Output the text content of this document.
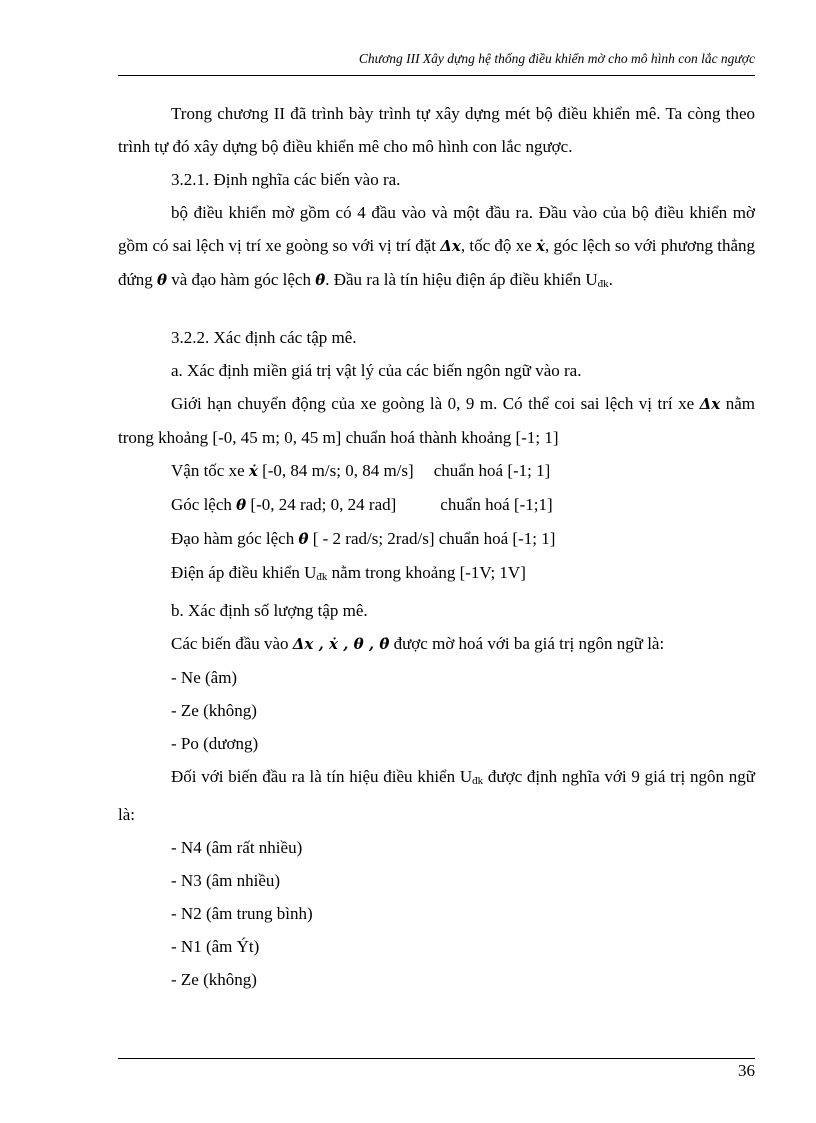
Chương III Xây dựng hệ thống điều khiển mờ cho mô hình con lắc ngược

Trong chương II đã trình bày trình tự xây dựng mét bộ điều khiển mê. Ta còng theo trình tự đó xây dựng bộ điều khiển mê cho mô hình con lắc ngược.

3.2.1. Định nghĩa các biến vào ra.

bộ điều khiển mờ gồm có 4 đầu vào và một đầu ra. Đầu vào của bộ điều khiển mờ gồm có sai lệch vị trí xe goòng so với vị trí đặt Δx, tốc độ xe ẋ, góc lệch so với phương thẳng đứng θ và đạo hàm góc lệch θ̇. Đầu ra là tín hiệu điện áp điều khiển Uđk.

3.2.2. Xác định các tập mê.

a. Xác định miền giá trị vật lý của các biến ngôn ngữ vào ra.

Giới hạn chuyển động của xe goòng là 0, 9 m. Có thể coi sai lệch vị trí xe Δx nằm trong khoảng [-0, 45 m; 0, 45 m] chuẩn hoá thành khoảng [-1; 1]

Vận tốc xe ẋ [-0, 84 m/s; 0, 84 m/s] chuẩn hoá [-1; 1]

Góc lệch θ [-0, 24 rad; 0, 24 rad]	chuẩn hoá [-1;1]

Đạo hàm góc lệch θ̇ [ - 2 rad/s; 2rad/s] chuẩn hoá [-1; 1]

Điện áp điều khiển Uđk nằm trong khoảng [-1V; 1V]

b. Xác định số lượng tập mê.

Các biến đầu vào Δx , ẋ , θ , θ̇ được mờ hoá với ba giá trị ngôn ngữ là:

- Ne (âm)

- Ze (không)

- Po (dương)

Đối với biến đầu ra là tín hiệu điều khiển Uđk được định nghĩa với 9 giá trị ngôn ngữ là:

- N4 (âm rất nhiều)

- N3 (âm nhiều)

- N2 (âm trung bình)

- N1 (âm Ýt)

- Ze (không)

36
